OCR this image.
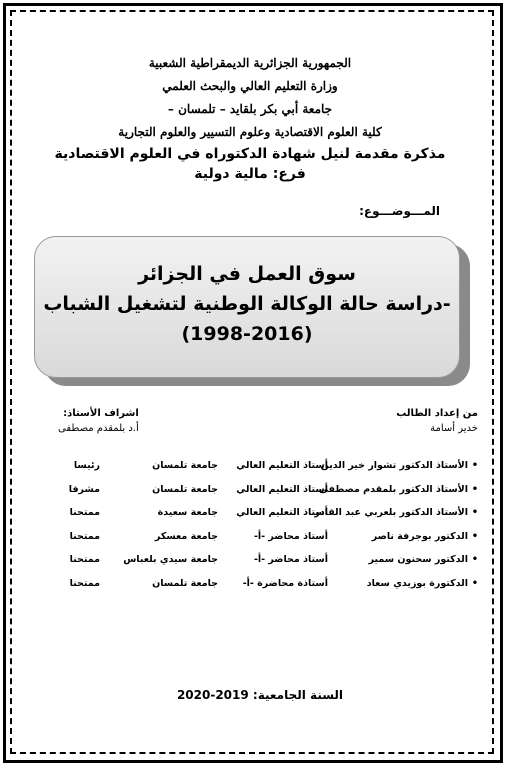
الجمهورية الجزائرية الديمقراطية الشعبية
وزارة التعليم العالي والبحث العلمي
جامعة أبي بكر بلقايد – تلمسان –
كلية العلوم الاقتصادية وعلوم التسيير والعلوم التجارية
مذكرة مقدمة لنيل شهادة الدكتوراه في العلوم الاقتصادية
فرع: مالية دولية
المـــوضـــوع:
سوق العمل في الجزائر
-دراسة حالة الوكالة الوطنية لتشغيل الشباب
(1998-2016)
من إعداد الطالب
خدير أسامة
اشراف الأستاذ:
أ.د بلمقدم مصطفى
•
الأستاذ الدكتور تشوار خير الدين
أستاذ التعليم العالي
جامعة تلمسان
رئيسا
•
الأستاذ الدكتور بلمقدم مصطفى
أستاذ التعليم العالي
جامعة تلمسان
مشرفا
•
الأستاذ الدكتور بلعربي عبد القادر
أستاذ التعليم العالي
جامعة سعيدة
ممتحنا
•
الدكتور بوجرفة ناصر
أستاذ محاضر -أ-
جامعة معسكر
ممتحنا
•
الدكتور سحنون سمير
أستاذ محاضر -أ-
جامعة سيدي بلعباس
ممتحنا
•
الدكتورة بوزيدي سعاد
أستاذة محاضرة -أ-
جامعة تلمسان
ممتحنا
السنة الجامعية: 2019-2020
